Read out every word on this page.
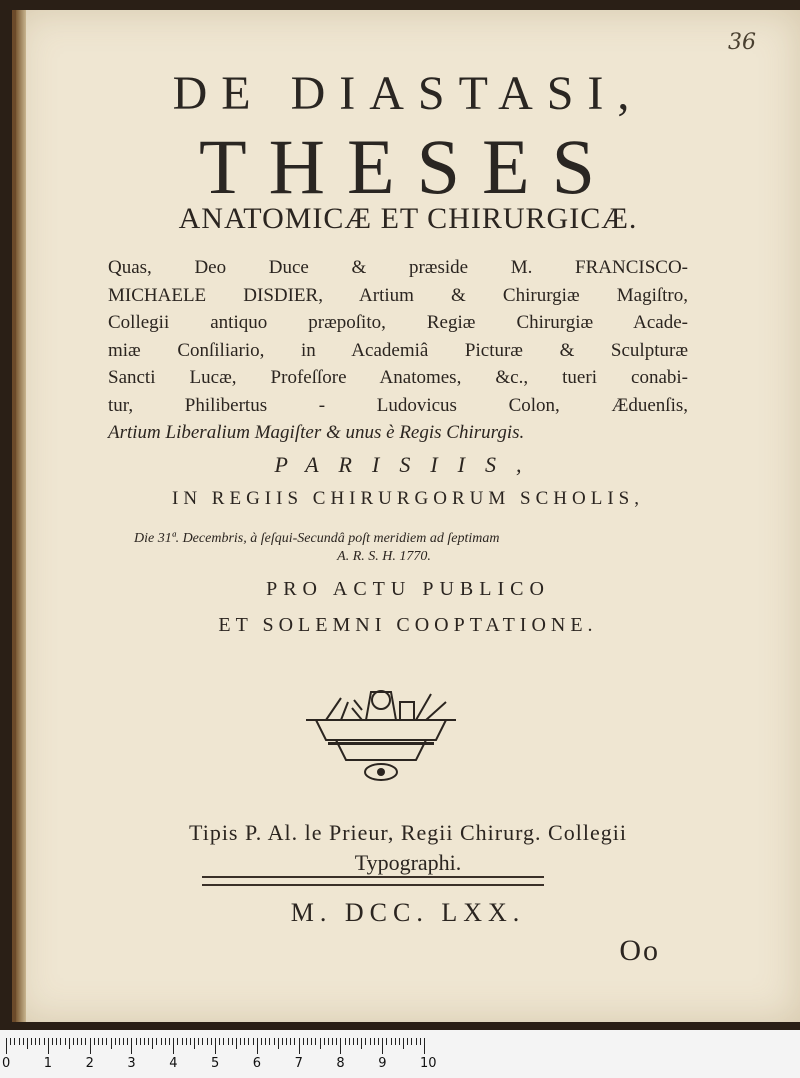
36
DE DIASTASI,
THESES
ANATOMICÆ ET CHIRURGICÆ.
Quas, Deo Duce & præside M. FRANCISCO-
MICHAELE DISDIER, Artium & Chirurgiæ Magiſtro,
Collegii antiquo præpoſito, Regiæ Chirurgiæ Acade-
miæ Conſiliario, in Academiâ Picturæ & Sculpturæ
Sancti Lucæ, Profeſſore Anatomes, &c., tueri conabi-
tur, Philibertus - Ludovicus Colon, Æduenſis,
Artium Liberalium Magiſter & unus è Regis Chirurgis.
PARISIIS,
IN REGIIS CHIRURGORUM SCHOLIS,
Die 31ª. Decembris, à ſeſqui-Secundâ poſt meridiem ad ſeptimam
A. R. S. H. 1770.
PRO ACTU PUBLICO
ET SOLEMNI COOPTATIONE.
Tipis P. Al. le Prieur, Regii Chirurg. Collegii
Typographi.
M. DCC. LXX.
Oo
0	1	2	3	4	5	6	7	8	9	10
